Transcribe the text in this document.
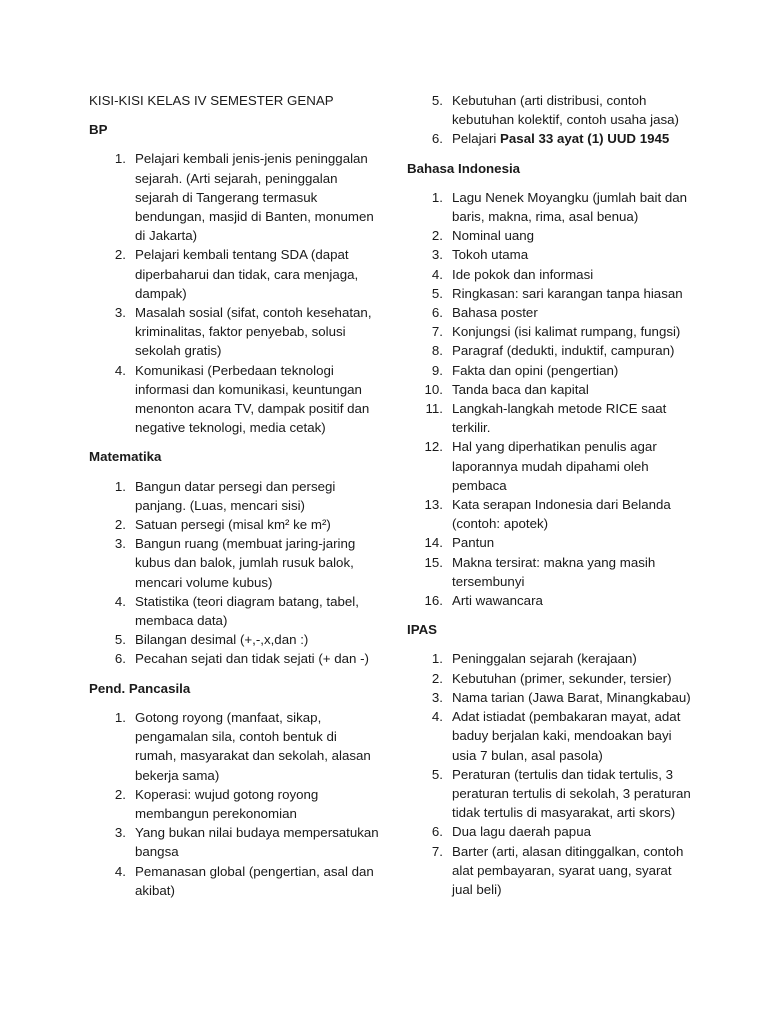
KISI-KISI KELAS IV SEMESTER GENAP
BP
1. Pelajari kembali jenis-jenis peninggalan sejarah. (Arti sejarah, peninggalan sejarah di Tangerang termasuk bendungan, masjid di Banten, monumen di Jakarta)
2. Pelajari kembali tentang SDA (dapat diperbaharui dan tidak, cara menjaga, dampak)
3. Masalah sosial (sifat, contoh kesehatan, kriminalitas, faktor penyebab, solusi sekolah gratis)
4. Komunikasi (Perbedaan teknologi informasi dan komunikasi, keuntungan menonton acara TV, dampak positif dan negative teknologi, media cetak)
Matematika
1. Bangun datar persegi dan persegi panjang. (Luas, mencari sisi)
2. Satuan persegi (misal km² ke m²)
3. Bangun ruang (membuat jaring-jaring kubus dan balok, jumlah rusuk balok, mencari volume kubus)
4. Statistika (teori diagram batang, tabel, membaca data)
5. Bilangan desimal (+,-,x,dan :)
6. Pecahan sejati dan tidak sejati (+ dan -)
Pend. Pancasila
1. Gotong royong (manfaat, sikap, pengamalan sila, contoh bentuk di rumah, masyarakat dan sekolah, alasan bekerja sama)
2. Koperasi: wujud gotong royong membangun perekonomian
3. Yang bukan nilai budaya mempersatukan bangsa
4. Pemanasan global (pengertian, asal dan akibat)
5. Kebutuhan (arti distribusi, contoh kebutuhan kolektif, contoh usaha jasa)
6. Pelajari Pasal 33 ayat (1) UUD 1945
Bahasa Indonesia
1. Lagu Nenek Moyangku (jumlah bait dan baris, makna, rima, asal benua)
2. Nominal uang
3. Tokoh utama
4. Ide pokok dan informasi
5. Ringkasan: sari karangan tanpa hiasan
6. Bahasa poster
7. Konjungsi (isi kalimat rumpang, fungsi)
8. Paragraf (dedukti, induktif, campuran)
9. Fakta dan opini (pengertian)
10. Tanda baca dan kapital
11. Langkah-langkah metode RICE saat terkilir.
12. Hal yang diperhatikan penulis agar laporannya mudah dipahami oleh pembaca
13. Kata serapan Indonesia dari Belanda (contoh: apotek)
14. Pantun
15. Makna tersirat: makna yang masih tersembunyi
16. Arti wawancara
IPAS
1. Peninggalan sejarah (kerajaan)
2. Kebutuhan (primer, sekunder, tersier)
3. Nama tarian (Jawa Barat, Minangkabau)
4. Adat istiadat (pembakaran mayat, adat baduy berjalan kaki, mendoakan bayi usia 7 bulan, asal pasola)
5. Peraturan (tertulis dan tidak tertulis, 3 peraturan tertulis di sekolah, 3 peraturan tidak tertulis di masyarakat, arti skors)
6. Dua lagu daerah papua
7. Barter (arti, alasan ditinggalkan, contoh alat pembayaran, syarat uang, syarat jual beli)
